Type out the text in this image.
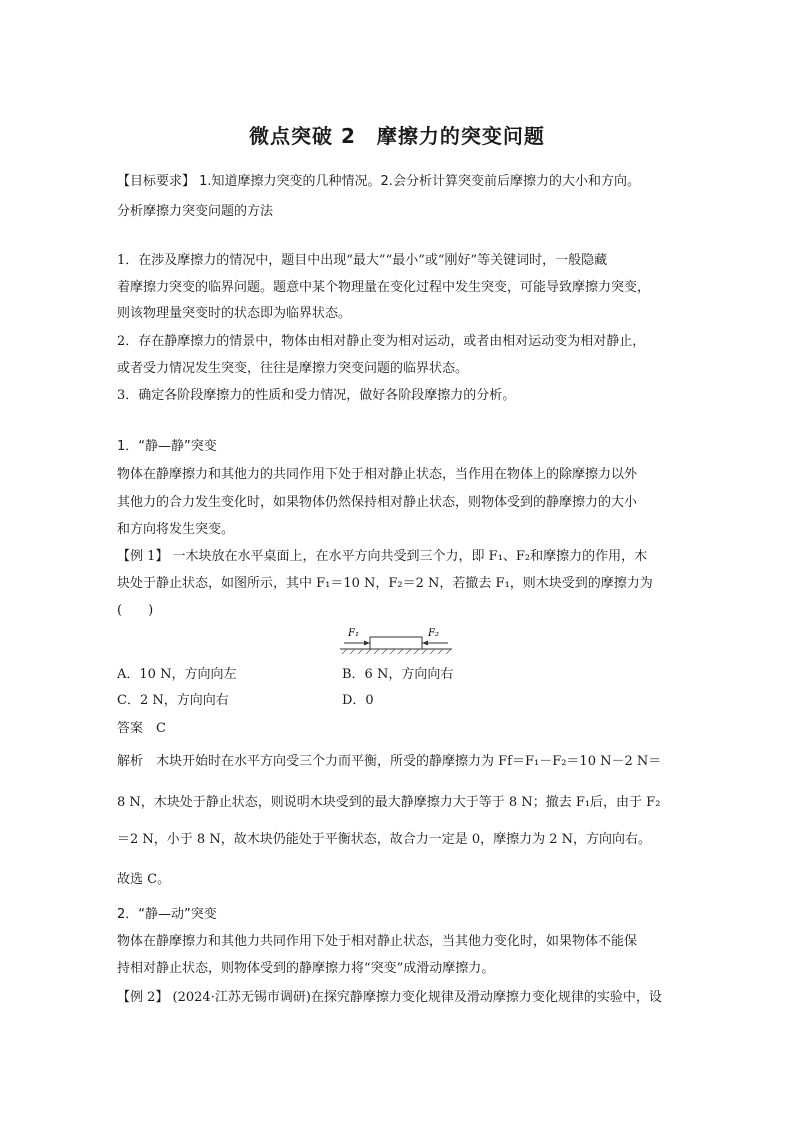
微点突破 2　摩擦力的突变问题
【目标要求】 1.知道摩擦力突变的几种情况。2.会分析计算突变前后摩擦力的大小和方向。
分析摩擦力突变问题的方法
1．在涉及摩擦力的情况中，题目中出现“最大”“最小”或“刚好”等关键词时，一般隐藏
着摩擦力突变的临界问题。题意中某个物理量在变化过程中发生突变，可能导致摩擦力突变，
则该物理量突变时的状态即为临界状态。
2．存在静摩擦力的情景中，物体由相对静止变为相对运动，或者由相对运动变为相对静止，
或者受力情况发生突变，往往是摩擦力突变问题的临界状态。
3．确定各阶段摩擦力的性质和受力情况，做好各阶段摩擦力的分析。
1．“静—静”突变
物体在静摩擦力和其他力的共同作用下处于相对静止状态，当作用在物体上的除摩擦力以外
其他力的合力发生变化时，如果物体仍然保持相对静止状态，则物体受到的静摩擦力的大小
和方向将发生突变。
【例 1】 一木块放在水平桌面上，在水平方向共受到三个力，即 F₁、F₂和摩擦力的作用，木
块处于静止状态，如图所示，其中 F₁＝10 N，F₂＝2 N，若撤去 F₁，则木块受到的摩擦力为
(　　)
F₁	F₂
A．10 N，方向向左	B．6 N，方向向右
C．2 N，方向向右	D．0
答案　C
解析　木块开始时在水平方向受三个力而平衡，所受的静摩擦力为 Ff＝F₁－F₂＝10 N－2 N＝
8 N，木块处于静止状态，则说明木块受到的最大静摩擦力大于等于 8 N；撤去 F₁后，由于 F₂
＝2 N，小于 8 N，故木块仍能处于平衡状态，故合力一定是 0，摩擦力为 2 N，方向向右。
故选 C。
2．“静—动”突变
物体在静摩擦力和其他力共同作用下处于相对静止状态，当其他力变化时，如果物体不能保
持相对静止状态，则物体受到的静摩擦力将“突变”成滑动摩擦力。
【例 2】 (2024·江苏无锡市调研)在探究静摩擦力变化规律及滑动摩擦力变化规律的实验中，设
